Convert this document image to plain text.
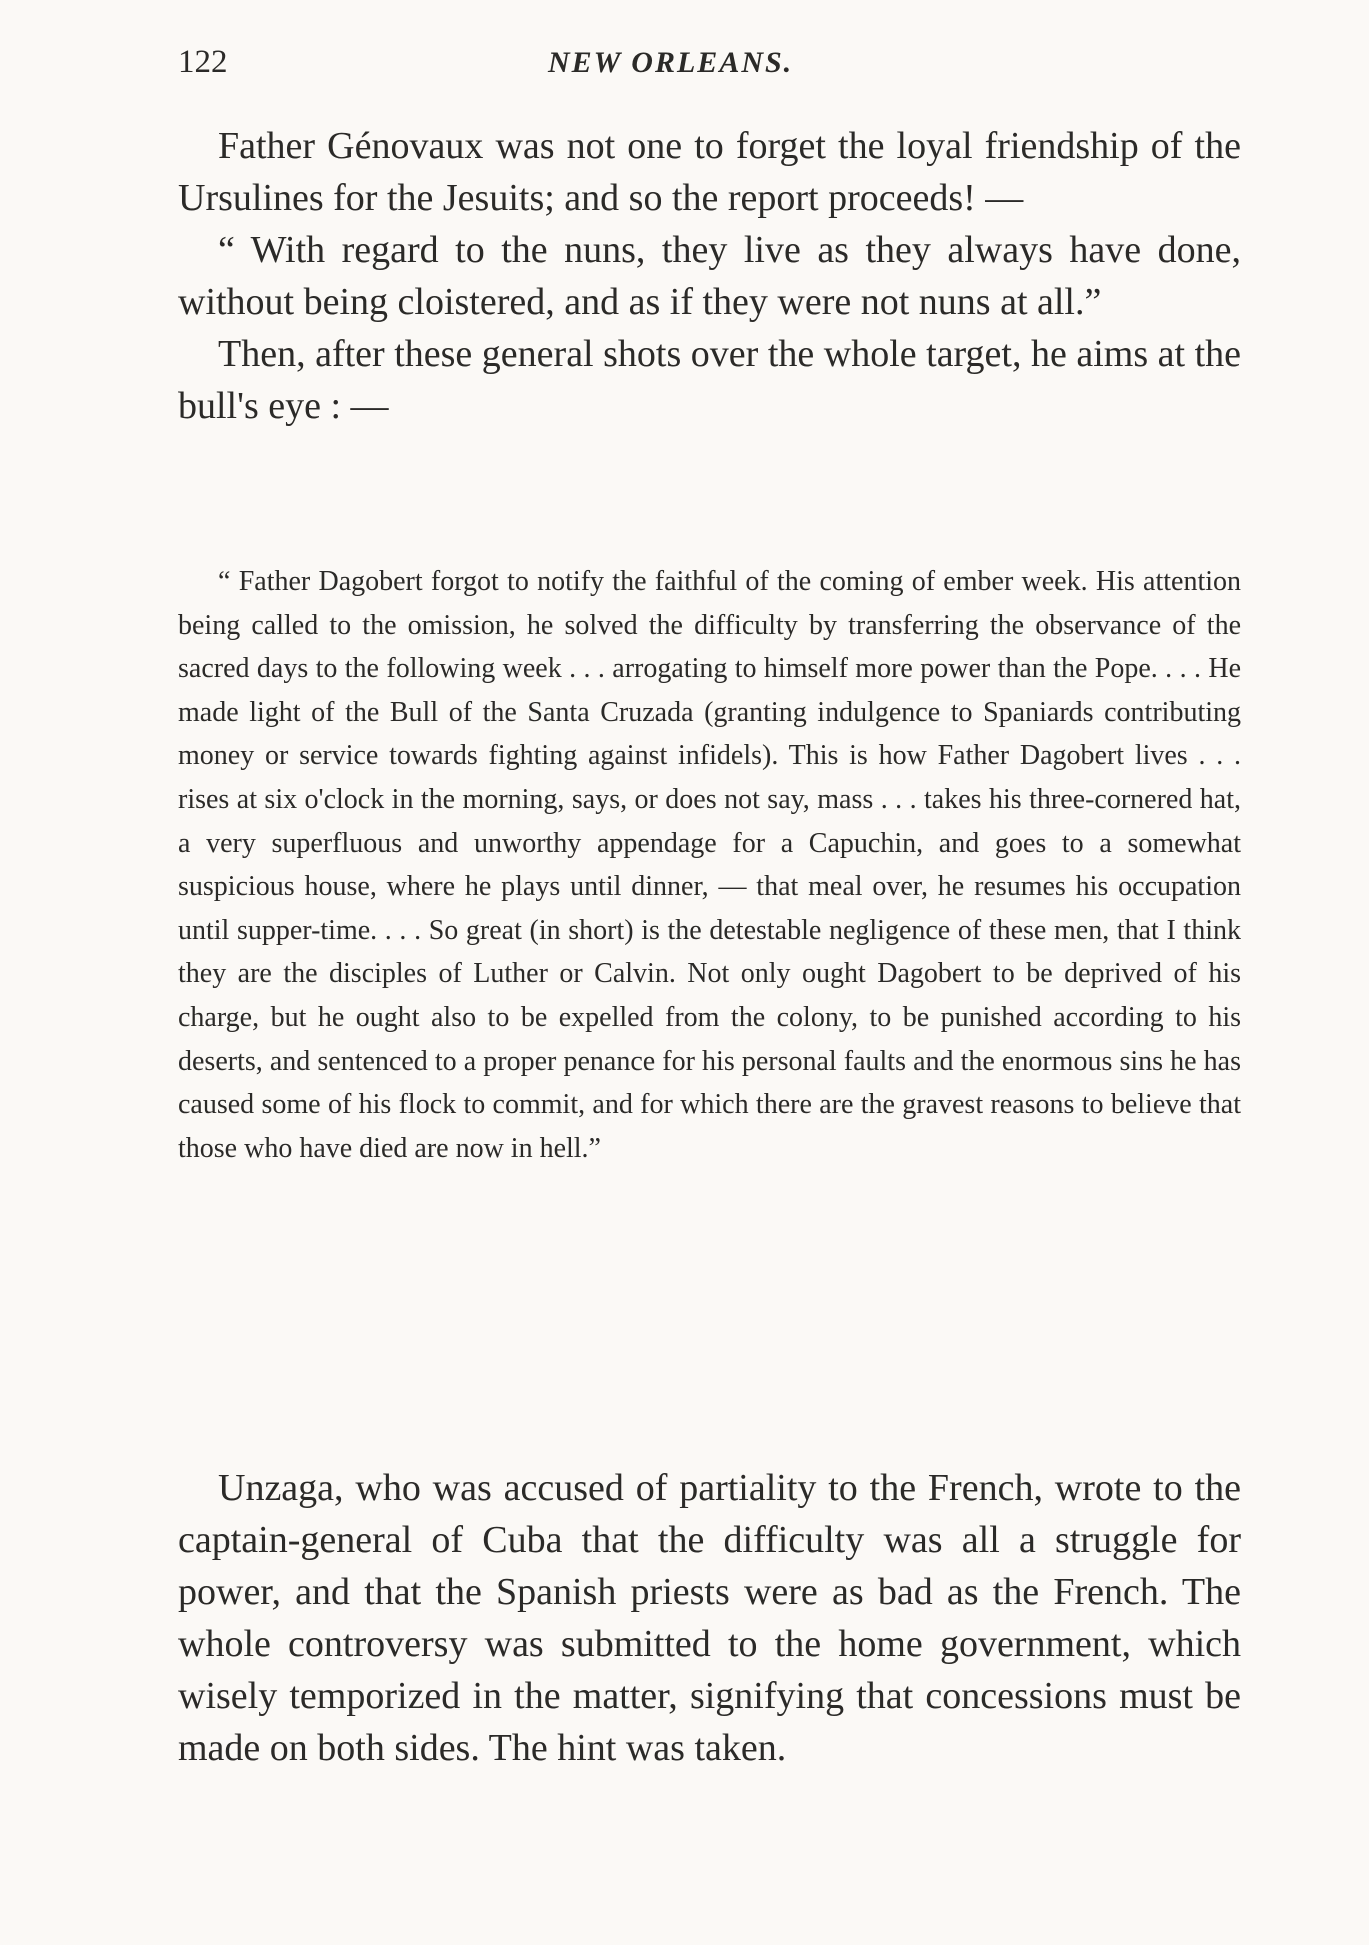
122	NEW ORLEANS.

Father Génovaux was not one to forget the loyal friendship of the Ursulines for the Jesuits; and so the report proceeds! —

“ With regard to the nuns, they live as they always have done, without being cloistered, and as if they were not nuns at all.”

Then, after these general shots over the whole target, he aims at the bull's eye : —

“ Father Dagobert forgot to notify the faithful of the coming of ember week. His attention being called to the omission, he solved the difficulty by transferring the observance of the sacred days to the following week . . . arrogating to himself more power than the Pope. . . . He made light of the Bull of the Santa Cruzada (granting indulgence to Spaniards contributing money or service towards fighting against infidels). This is how Father Dagobert lives . . . rises at six o'clock in the morning, says, or does not say, mass . . . takes his three-cornered hat, a very superfluous and unworthy appendage for a Capuchin, and goes to a somewhat suspicious house, where he plays until dinner, — that meal over, he resumes his occupation until supper-time. . . . So great (in short) is the detestable negligence of these men, that I think they are the disciples of Luther or Calvin. Not only ought Dagobert to be deprived of his charge, but he ought also to be expelled from the colony, to be punished according to his deserts, and sentenced to a proper penance for his personal faults and the enormous sins he has caused some of his flock to commit, and for which there are the gravest reasons to believe that those who have died are now in hell.”

Unzaga, who was accused of partiality to the French, wrote to the captain-general of Cuba that the difficulty was all a struggle for power, and that the Spanish priests were as bad as the French. The whole controversy was submitted to the home government, which wisely temporized in the matter, signifying that concessions must be made on both sides. The hint was taken.
